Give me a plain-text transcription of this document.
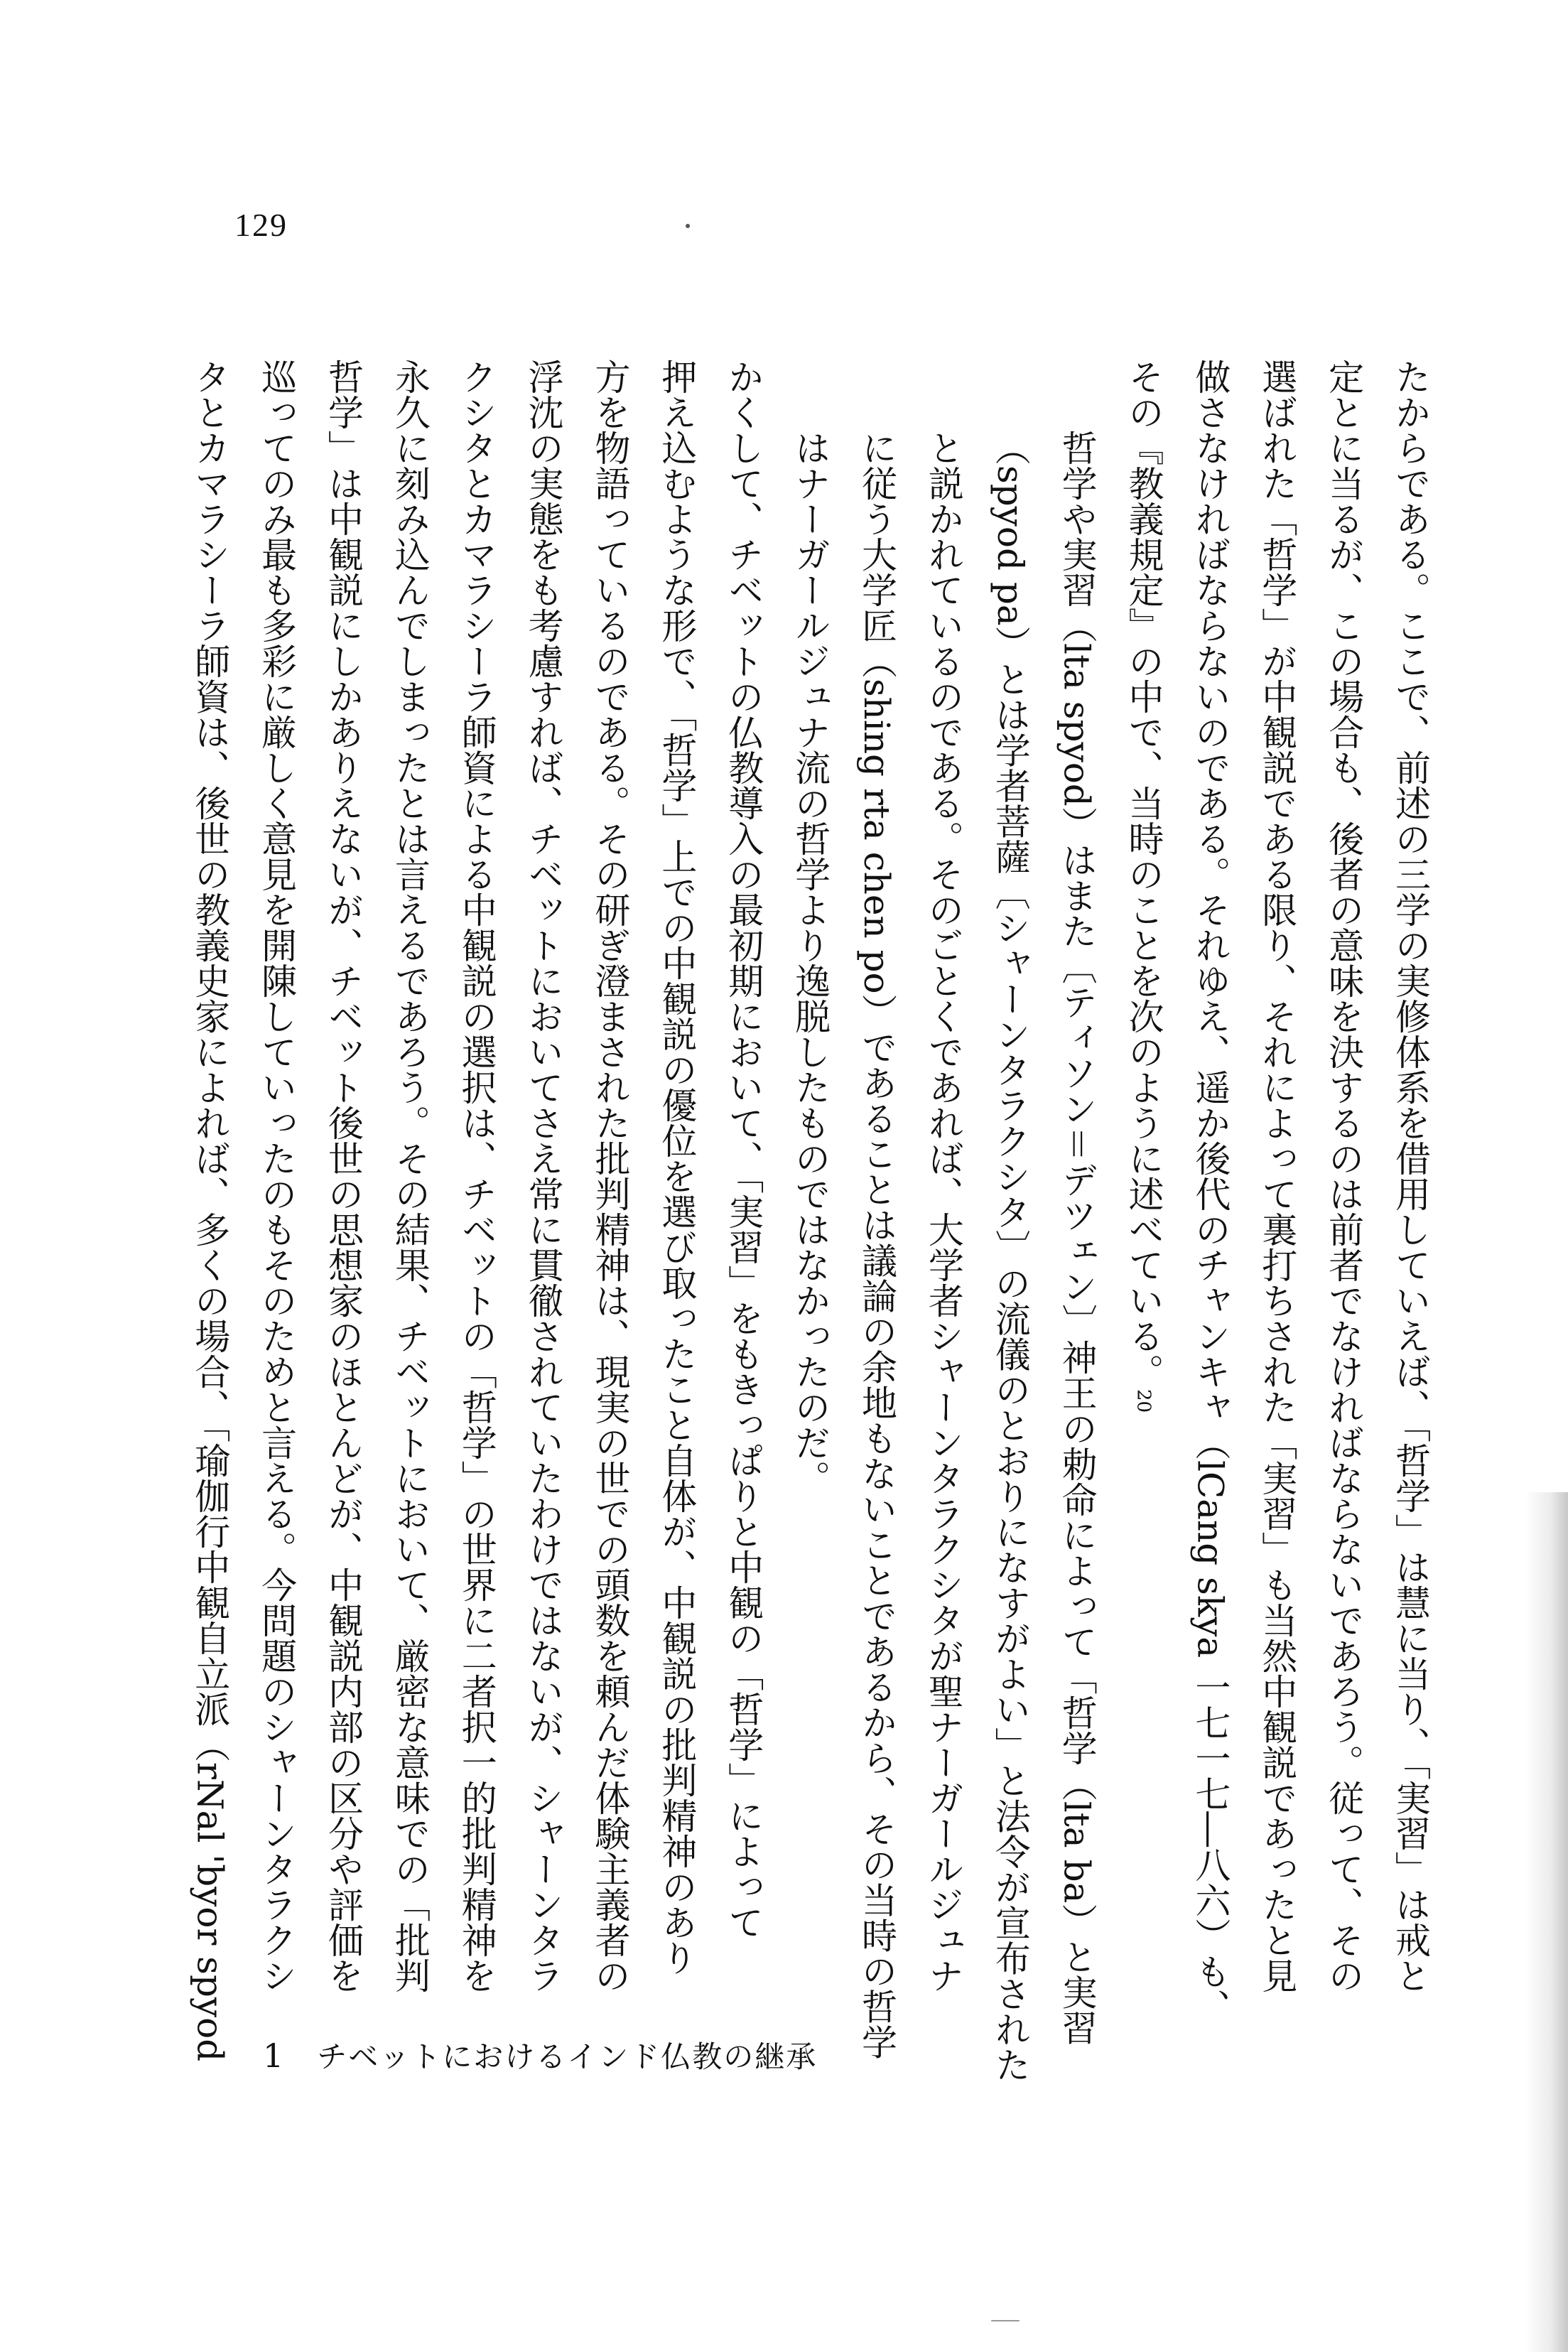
129
たからである。ここで、前述の三学の実修体系を借用していえば、「哲学」は慧に当り、「実習」は戒と
定とに当るが、この場合も、後者の意味を決するのは前者でなければならないであろう。従って、その
選ばれた「哲学」が中観説である限り、それによって裏打ちされた「実習」も当然中観説であったと見
做さなければならないのである。それゆえ、遥か後代のチャンキャ（lCang skya 一七一七―八六）も、
その『教義規定』の中で、当時のことを次のように述べている。20
哲学や実習（lta spyod）はまた〔ティソン＝デツェン〕神王の勅命によって「哲学（lta ba）と実習
（spyod pa）とは学者菩薩〔シャーンタラクシタ〕の流儀のとおりになすがよい」と法令が宣布された
と説かれているのである。そのごとくであれば、大学者シャーンタラクシタが聖ナーガールジュナ
に従う大学匠（shing rta chen po）であることは議論の余地もないことであるから、その当時の哲学
はナーガールジュナ流の哲学より逸脱したものではなかったのだ。
かくして、チベットの仏教導入の最初期において、「実習」をもきっぱりと中観の「哲学」によって
押え込むような形で、「哲学」上での中観説の優位を選び取ったこと自体が、中観説の批判精神のあり
方を物語っているのである。その研ぎ澄まされた批判精神は、現実の世での頭数を頼んだ体験主義者の
浮沈の実態をも考慮すれば、チベットにおいてさえ常に貫徹されていたわけではないが、シャーンタラ
クシタとカマラシーラ師資による中観説の選択は、チベットの「哲学」の世界に二者択一的批判精神を
永久に刻み込んでしまったとは言えるであろう。その結果、チベットにおいて、厳密な意味での「批判
哲学」は中観説にしかありえないが、チベット後世の思想家のほとんどが、中観説内部の区分や評価を
巡ってのみ最も多彩に厳しく意見を開陳していったのもそのためと言える。今問題のシャーンタラクシ
タとカマラシーラ師資は、後世の教義史家によれば、多くの場合、「瑜伽行中観自立派（rNal 'byor spyod 1 チベットにおけるインド仏教の継承
